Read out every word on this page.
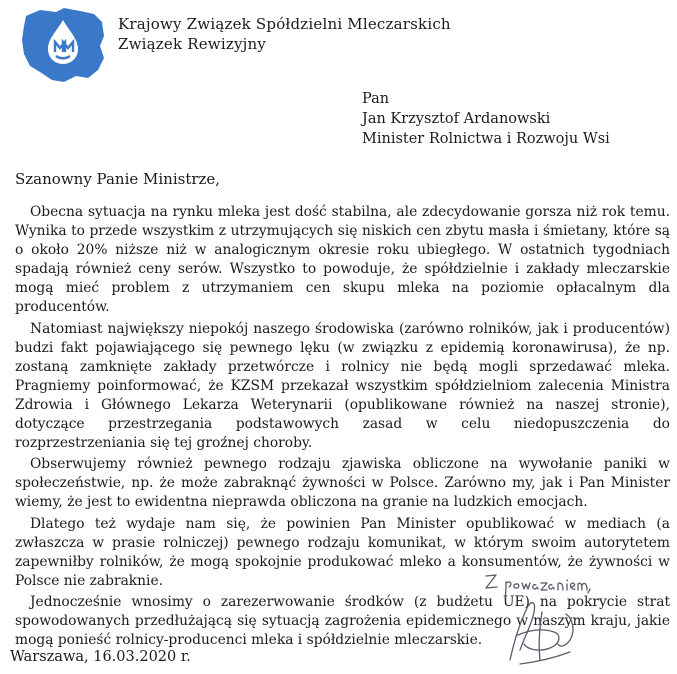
Krajowy Związek Spółdzielni Mleczarskich
Związek Rewizyjny
Pan
Jan Krzysztof Ardanowski
Minister Rolnictwa i Rozwoju Wsi
Szanowny Panie Ministrze,

Obecna sytuacja na rynku mleka jest dość stabilna, ale zdecydowanie gorsza niż rok temu. Wynika to przede wszystkim z utrzymujących się niskich cen zbytu masła i śmietany, które są o około 20% niższe niż w analogicznym okresie roku ubiegłego. W ostatnich tygodniach spadają również ceny serów. Wszystko to powoduje, że spółdzielnie i zakłady mleczarskie mogą mieć problem z utrzymaniem cen skupu mleka na poziomie opłacalnym dla producentów.

Natomiast największy niepokój naszego środowiska (zarówno rolników, jak i producentów) budzi fakt pojawiającego się pewnego lęku (w związku z epidemią koronawirusa), że np. zostaną zamknięte zakłady przetwórcze i rolnicy nie będą mogli sprzedawać mleka. Pragniemy poinformować, że KZSM przekazał wszystkim spółdzielniom zalecenia Ministra Zdrowia i Głównego Lekarza Weterynarii (opublikowane również na naszej stronie), dotyczące przestrzegania podstawowych zasad w celu niedopuszczenia do rozprzestrzeniania się tej groźnej choroby.

Obserwujemy również pewnego rodzaju zjawiska obliczone na wywołanie paniki w społeczeństwie, np. że może zabraknąć żywności w Polsce. Zarówno my, jak i Pan Minister wiemy, że jest to ewidentna nieprawda obliczona na granie na ludzkich emocjach.

Dlatego też wydaje nam się, że powinien Pan Minister opublikować w mediach (a zwłaszcza w prasie rolniczej) pewnego rodzaju komunikat, w którym swoim autorytetem zapewniłby rolników, że mogą spokojnie produkować mleko a konsumentów, że żywności w Polsce nie zabraknie.

Jednocześnie wnosimy o zarezerwowanie środków (z budżetu UE) na pokrycie strat spowodowanych przedłużającą się sytuacją zagrożenia epidemicznego w naszym kraju, jakie mogą ponieść rolnicy-producenci mleka i spółdzielnie mleczarskie.

Warszawa, 16.03.2020 r.
